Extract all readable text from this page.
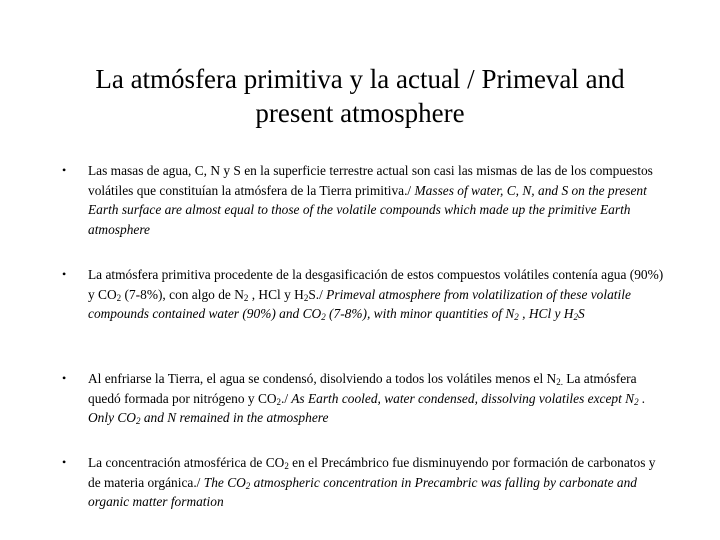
La atmósfera primitiva y la actual / Primeval and
present atmosphere
• Las masas de agua, C, N y S en la superficie terrestre actual son casi las mismas de las de los compuestos volátiles que constituían la atmósfera de la Tierra primitiva./ Masses of water, C, N, and S on the present Earth surface are almost equal to those of the volatile compounds which made up the primitive Earth atmosphere
• La atmósfera primitiva procedente de la desgasificación de estos compuestos volátiles contenía agua (90%) y $CO_2$ (7-8%), con algo de $N_2$ , HCl y $H_2S./$ Primeval atmosphere from volatilization of these volatile compounds contained water (90%) and $CO_2$ (7-8%), with minor quantities of $N_2$ , HCl y $H_2S$
• Al enfriarse la Tierra, el agua se condensó, disolviendo a todos los volátiles menos el $N_{2.}$ La atmósfera quedó formada por nitrógeno y $CO_2./$ As Earth cooled, water condensed, dissolving volatiles except $N_2$ . Only $CO_2$ and N remained in the atmosphere
• La concentración atmosférica de $CO_2$ en el Precámbrico fue disminuyendo por formación de carbonatos y de materia orgánica./ The $CO_2$ atmospheric concentration in Precambric was falling by carbonate and organic matter formation
